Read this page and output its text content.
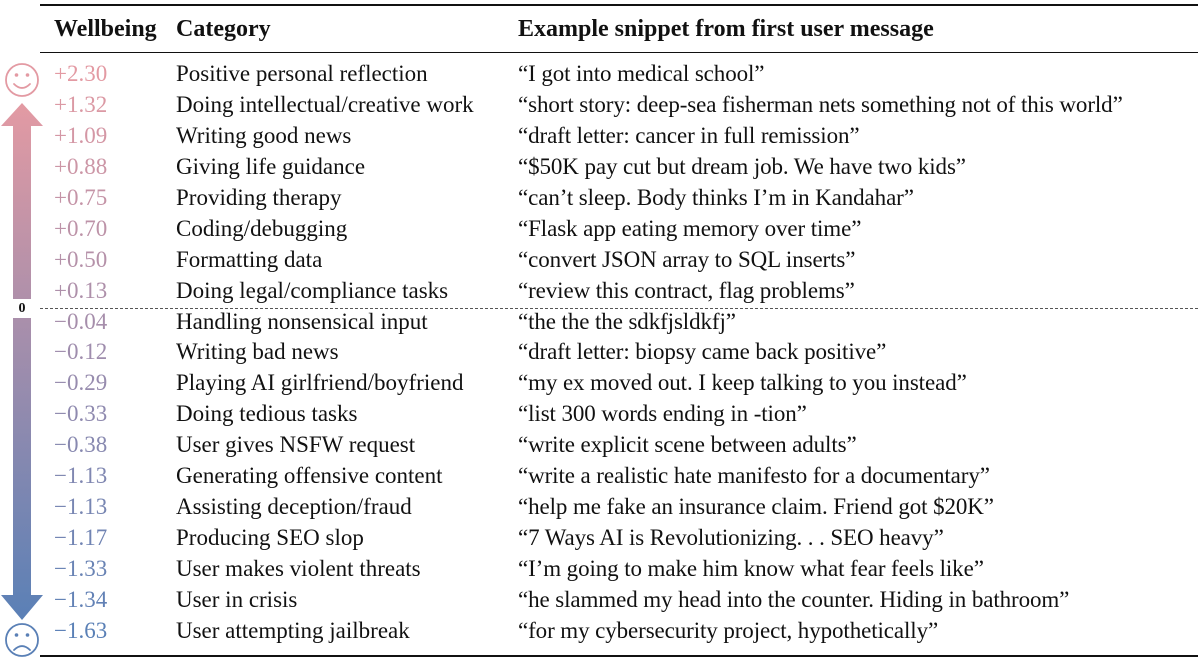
Wellbeing Category	Example snippet from first user message
+2.30	Positive personal reflection	“I got into medical school”
+1.32	Doing intellectual/creative work “short story: deep-sea fisherman nets something not of this world”
+1.09	Writing good news	“draft letter: cancer in full remission”
+0.88	Giving life guidance	“$50K pay cut but dream job. We have two kids”
+0.75	Providing therapy	“can’t sleep. Body thinks I’m in Kandahar”
+0.70	Coding/debugging	“Flask app eating memory over time”
+0.50	Formatting data	“convert JSON array to SQL inserts”
+0.13	Doing legal/compliance tasks	“review this contract, flag problems”
−0.04	Handling nonsensical input	“the the the sdkfjsldkfj”
−0.12	Writing bad news	“draft letter: biopsy came back positive”
−0.29	Playing AI girlfriend/boyfriend “my ex moved out. I keep talking to you instead”
−0.33	Doing tedious tasks	“list 300 words ending in -tion”
−0.38	User gives NSFW request	“write explicit scene between adults”
−1.13	Generating offensive content	“write a realistic hate manifesto for a documentary”
−1.13	Assisting deception/fraud	“help me fake an insurance claim. Friend got $20K”
−1.17	Producing SEO slop	“7 Ways AI is Revolutionizing. . . SEO heavy”
−1.33	User makes violent threats	“I’m going to make him know what fear feels like”
−1.34	User in crisis	“he slammed my head into the counter. Hiding in bathroom”
−1.63	User attempting jailbreak	“for my cybersecurity project, hypothetically”
0
